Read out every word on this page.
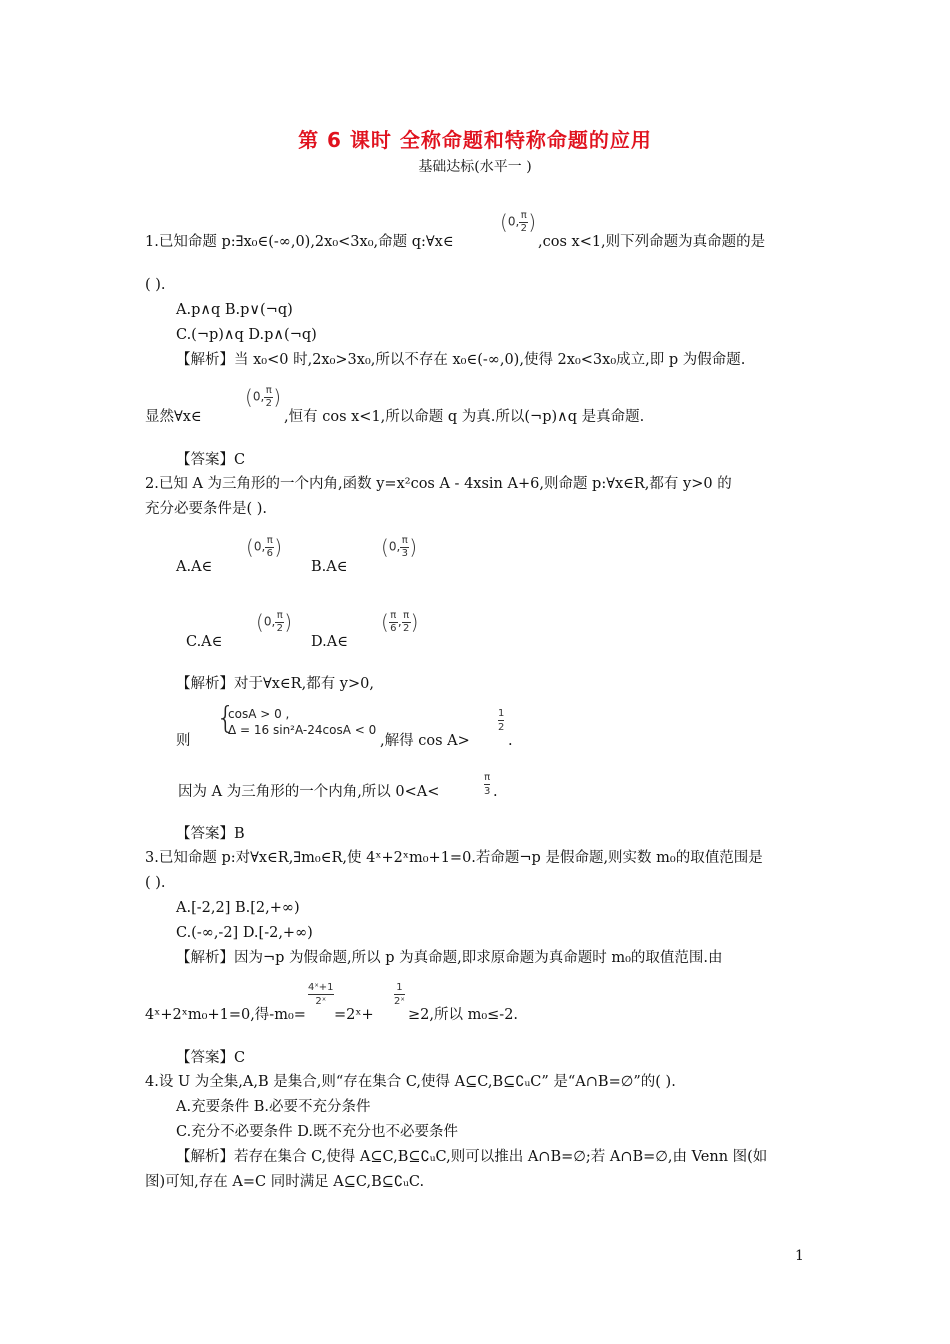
第 6 课时 全称命题和特称命题的应用
基础达标(水平一 )
1.已知命题 p:∃x₀∈(-∞,0),2x₀<3x₀,命题 q:∀x∈
(0, $\frac{\pi}{2}$ )
,cos x<1,则下列命题为真命题的是
( ).
A.p∧q B.p∨(¬q)
C.(¬p)∧q D.p∧(¬q)
【解析】当 x₀<0 时,2x₀>3x₀,所以不存在 x₀∈(-∞,0),使得 2x₀<3x₀成立,即 p 为假命题.
显然∀x∈
(0, $\frac{\pi}{2}$ )
,恒有 cos x<1,所以命题 q 为真.所以(¬p)∧q 是真命题.
【答案】C
2.已知 A 为三角形的一个内角,函数 y=x²cos A - 4xsin A+6,则命题 p:∀x∈R,都有 y>0 的
充分必要条件是( ).
A.A∈
(0, $\frac{\pi}{6}$ )
B.A∈
(0, $\frac{\pi}{3}$ )
C.A∈
(0, $\frac{\pi}{2}$ )
D.A∈
( $\frac{\pi}{6}$ , $\frac{\pi}{2}$ )
【解析】对于∀x∈R,都有 y>0,
则
{
cosA > 0 ,
Δ = 16 sin²A-24cosA < 0
,解得 cos A>
1
2
.
因为 A 为三角形的一个内角,所以 0<A<
π
3 .
【答案】B
3.已知命题 p:对∀x∈R,∃m₀∈R,使 4ˣ+2ˣm₀+1=0.若命题¬p 是假命题,则实数 m₀的取值范围是
( ).
A.[-2,2] B.[2,+∞)
C.(-∞,-2] D.[-2,+∞)
【解析】因为¬p 为假命题,所以 p 为真命题,即求原命题为真命题时 m₀的取值范围.由
4ˣ+2ˣm₀+1=0,得-m₀=
4ˣ+1
2ˣ
=2ˣ+
1
2ˣ
≥2,所以 m₀≤-2.
【答案】C
4.设 U 为全集,A,B 是集合,则“存在集合 C,使得 A⊆C,B⊆∁ᵤC” 是“A∩B=∅”的( ).
A.充要条件 B.必要不充分条件
C.充分不必要条件 D.既不充分也不必要条件
【解析】若存在集合 C,使得 A⊆C,B⊆∁ᵤC,则可以推出 A∩B=∅;若 A∩B=∅,由 Venn 图(如
图)可知,存在 A=C 同时满足 A⊆C,B⊆∁ᵤC.
1
